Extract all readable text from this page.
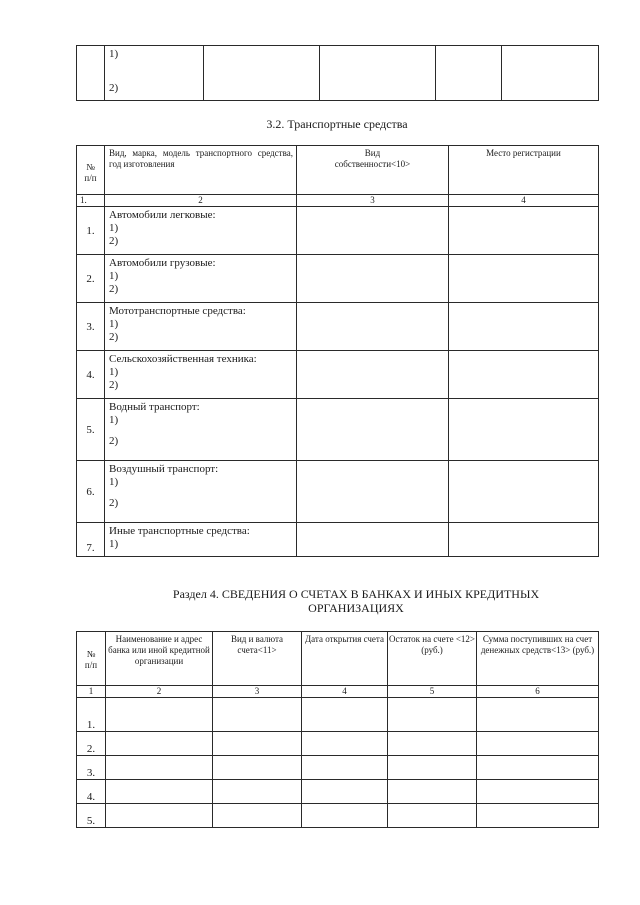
1)
2)

3.2. Транспортные средства
№
п/п	Вид, марка, модель транспортного средства, год изготовления	Вид
собственности<10>	Место регистрации
1.	2	3	4
1.	Автомобили легковые:
1)
2)		

2.	Автомобили грузовые:
1)
2)		

3.	Мототранспортные средства:
1)
2)		

4.	Сельскохозяйственная техника:
1)
2)		

5.	Водный транспорт:
1)
2)		

6.	Воздушный транспорт:
1)
2)		

7.	Иные транспортные средства:
1)		

Раздел 4. СВЕДЕНИЯ О СЧЕТАХ В БАНКАХ И ИНЫХ КРЕДИТНЫХ ОРГАНИЗАЦИЯХ
№
п/п	Наименование и адрес банка или иной кредитной организации	Вид и валюта счета<11>	Дата открытия счета	Остаток на счете <12> (руб.)	Сумма поступивших на счет денежных средств<13> (руб.)
1	2	3	4	5	6
1.					
2.					
3.					
4.					
5.					
